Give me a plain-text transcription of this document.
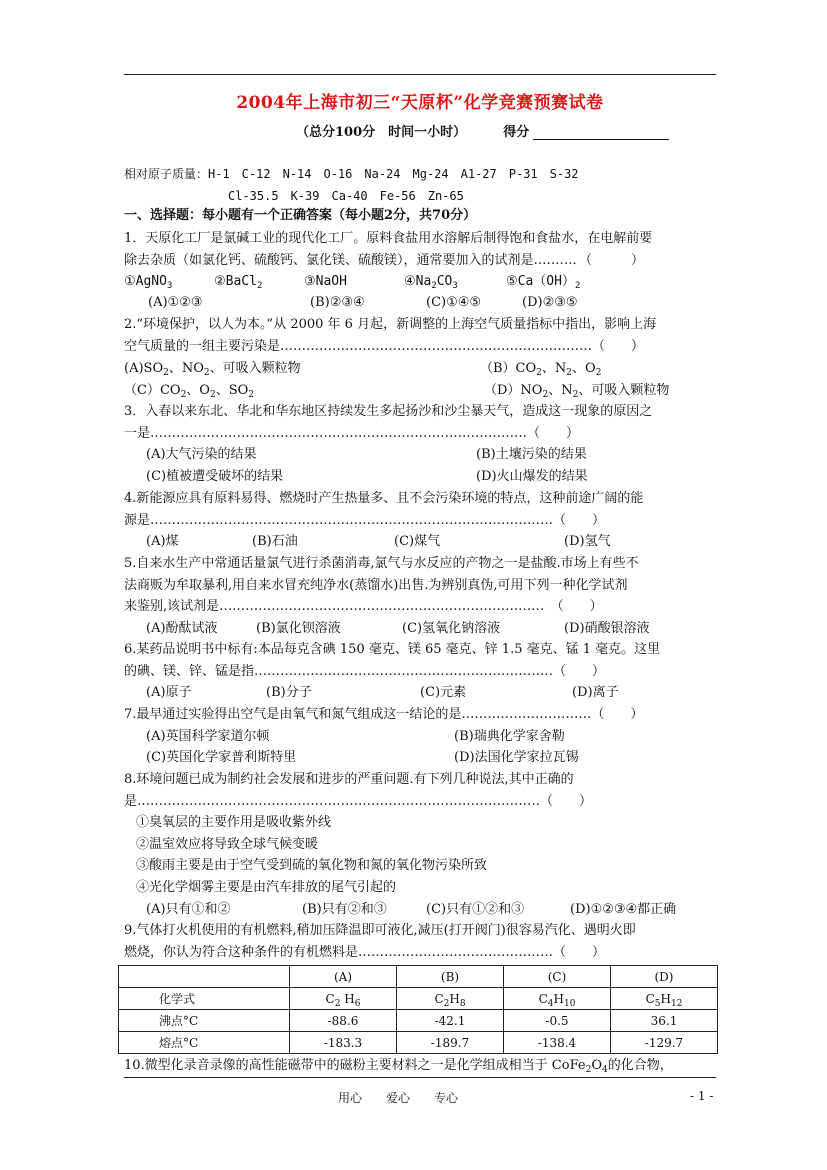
2004年上海市初三“天原杯”化学竞赛预赛试卷
（总分100分　时间一小时）	得分
相对原子质量：H-1　C-12　N-14　O-16　Na-24　Mg-24　A1-27　P-31　S-32
Cl-35.5　K-39　Ca-40　Fe-56　Zn-65
一、选择题：每小题有一个正确答案（每小题2分，共70分）
1．天原化工厂是氯碱工业的现代化工厂。原料食盐用水溶解后制得饱和食盐水，在电解前要
除去杂质（如氯化钙、硫酸钙、氯化镁、硫酸镁），通常要加入的试剂是………．（　　　）
①AgNO$_3$	②BaCl$_2$	③NaOH	$④Na_2CO_3$	$⑤Ca(OH)_2$
(A)①②③	(B)②③④	(C)①④⑤	(D)②③⑤
2.“环境保护，以人为本。”从 2000 年 6 月起，新调整的上海空气质量指标中指出，影响上海
空气质量的一组主要污染是………………………………………………………………（　　）
$(A)SO_2$、$NO_2$、可吸入颗粒物	$(B)CO_2$、$N_2$、$O_2$
$(C)CO_2$、$O_2$、$SO_2$	$(D)NO_2$、$N_2$、可吸入颗粒物
3．入春以来东北、华北和华东地区持续发生多起扬沙和沙尘暴天气，造成这一现象的原因之
一是……………………………………………………………………………（　　）
(A)大气污染的结果	(B)土壤污染的结果
(C)植被遭受破坏的结果	(D)火山爆发的结果
4.新能源应具有原料易得、燃烧时产生热量多、且不会污染环境的特点，这种前途广阔的能
源是…………………………………………………………………………………（　　）
(A)煤	(B)石油	(C)煤气	(D)氢气
5.自来水生产中常通话量氯气进行杀菌消毒,氯气与水反应的产物之一是盐酸.市场上有些不
法商贩为牟取暴利,用自来水冒充纯净水(蒸馏水)出售.为辨别真伪,可用下列一种化学试剂
来鉴别,该试剂是…………………………………………………………………　（　　）
(A)酚酞试液	(B)氯化钡溶液	(C)氢氧化钠溶液	(D)硝酸银溶液
6.某药品说明书中标有:本品每克含碘 150 毫克、镁 65 毫克、锌 1.5 毫克、锰 1 毫克。这里
的碘、镁、锌、锰是指……………………………………………………………（　　）
(A)原子	(B)分子	(C)元素	(D)离子
7.最早通过实验得出空气是由氧气和氮气组成这一结论的是…………………………（　　）
(A)英国科学家道尔顿	(B)瑞典化学家舍勒
(C)英国化学家普利斯特里	(D)法国化学家拉瓦锡
8.环境问题已成为制约社会发展和进步的严重问题.有下列几种说法,其中正确的
是…………………………………………………………………………………（　　）
①臭氧层的主要作用是吸收紫外线
②温室效应将导致全球气候变暖
③酸雨主要是由于空气受到硫的氧化物和氮的氧化物污染所致
④光化学烟雾主要是由汽车排放的尾气引起的
(A)只有①和②	(B)只有②和③	(C)只有①②和③	(D)①②③④都正确
9.气体打火机使用的有机燃料,稍加压降温即可液化,减压(打开阀门)很容易汽化、遇明火即
燃烧，你认为符合这种条件的有机燃料是………………………………………（　　）
	(A)	(B)	(C)	(D)
化学式	$C_2$ $H_6$	$C_2H_8$	$C_4H_{10}$	$C_5H_{12}$
沸点°C	-88.6	-42.1	-0.5	36.1
熔点°C	-183.3	-189.7	-138.4	-129.7
10.微型化录音录像的高性能磁带中的磁粉主要材料之一是化学组成相当于 $CoFe_2O_4$的化合物，
用心　　爱心　　专心	- 1 -
